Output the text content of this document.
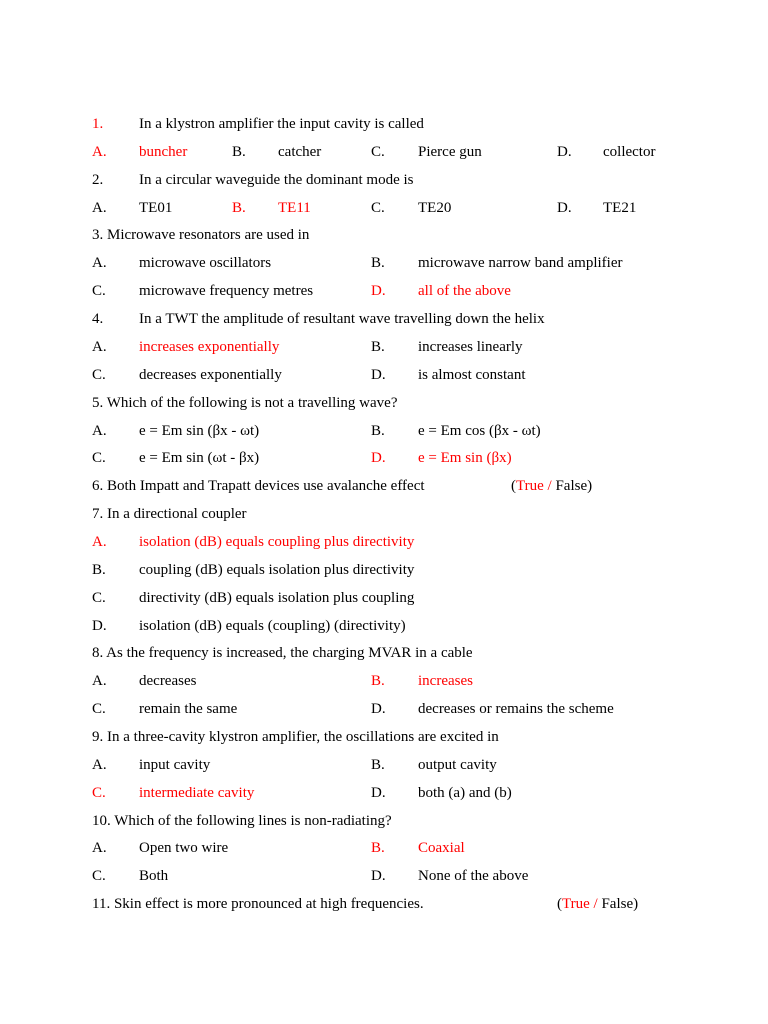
1. In a klystron amplifier the input cavity is called
A. buncher	B. catcher	C. Pierce gun	D. collector
2. In a circular waveguide the dominant mode is
A. TE01	B. TE11	C. TE20	D. TE21
3. Microwave resonators are used in
A. microwave oscillators	B. microwave narrow band amplifier
C. microwave frequency metres	D. all of the above
4. In a TWT the amplitude of resultant wave travelling down the helix
A. increases exponentially	B. increases linearly
C. decreases exponentially	D. is almost constant
5. Which of the following is not a travelling wave?
A. e = Em sin (βx - ωt)	B. e = Em cos (βx - ωt)
C. e = Em sin (ωt - βx)	D. e = Em sin (βx)
6. Both Impatt and Trapatt devices use avalanche effect	(True / False)
7. In a directional coupler
A. isolation (dB) equals coupling plus directivity
B. coupling (dB) equals isolation plus directivity
C. directivity (dB) equals isolation plus coupling
D. isolation (dB) equals (coupling) (directivity)
8. As the frequency is increased, the charging MVAR in a cable
A. decreases	B. increases
C. remain the same	D. decreases or remains the scheme
9. In a three-cavity klystron amplifier, the oscillations are excited in
A. input cavity	B. output cavity
C. intermediate cavity	D. both (a) and (b)
10. Which of the following lines is non-radiating?
A. Open two wire	B. Coaxial
C. Both	D. None of the above
11. Skin effect is more pronounced at high frequencies.	(True / False)
